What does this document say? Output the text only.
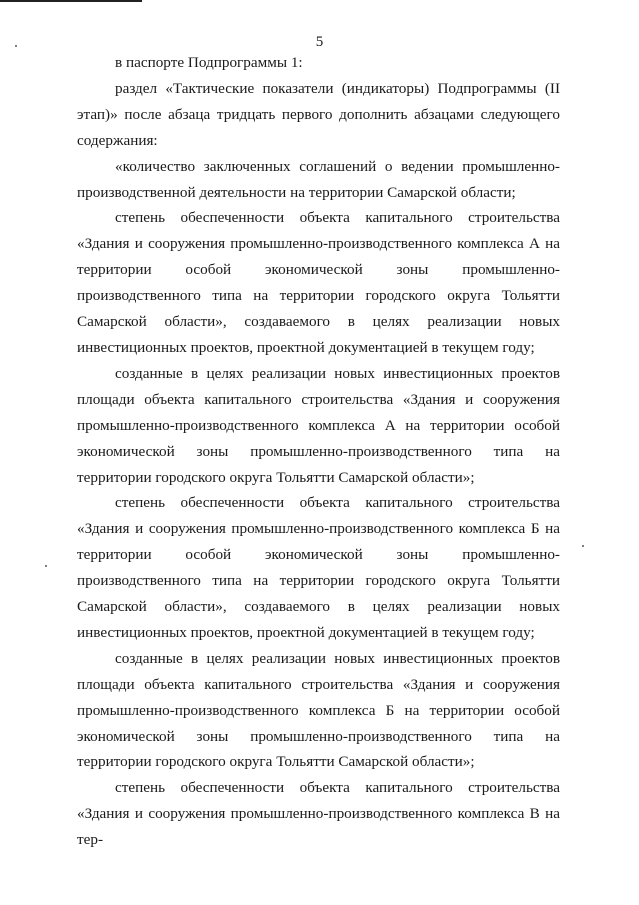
5

в паспорте Подпрограммы 1:

раздел «Тактические показатели (индикаторы) Подпрограммы (II этап)» после абзаца тридцать первого дополнить абзацами следующего содержания:

«количество заключенных соглашений о ведении промышленно-производственной деятельности на территории Самарской области;

степень обеспеченности объекта капитального строительства «Здания и сооружения промышленно-производственного комплекса А на территории особой экономической зоны промышленно-производственного типа на территории городского округа Тольятти Самарской области», создаваемого в целях реализации новых инвестиционных проектов, проектной документацией в текущем году;

созданные в целях реализации новых инвестиционных проектов площади объекта капитального строительства «Здания и сооружения промышленно-производственного комплекса А на территории особой экономической зоны промышленно-производственного типа на территории городского округа Тольятти Самарской области»;

степень обеспеченности объекта капитального строительства «Здания и сооружения промышленно-производственного комплекса Б на территории особой экономической зоны промышленно-производственного типа на территории городского округа Тольятти Самарской области», создаваемого в целях реализации новых инвестиционных проектов, проектной документацией в текущем году;

созданные в целях реализации новых инвестиционных проектов площади объекта капитального строительства «Здания и сооружения промышленно-производственного комплекса Б на территории особой экономической зоны промышленно-производственного типа на территории городского округа Тольятти Самарской области»;

степень обеспеченности объекта капитального строительства «Здания и сооружения промышленно-производственного комплекса В на тер-
